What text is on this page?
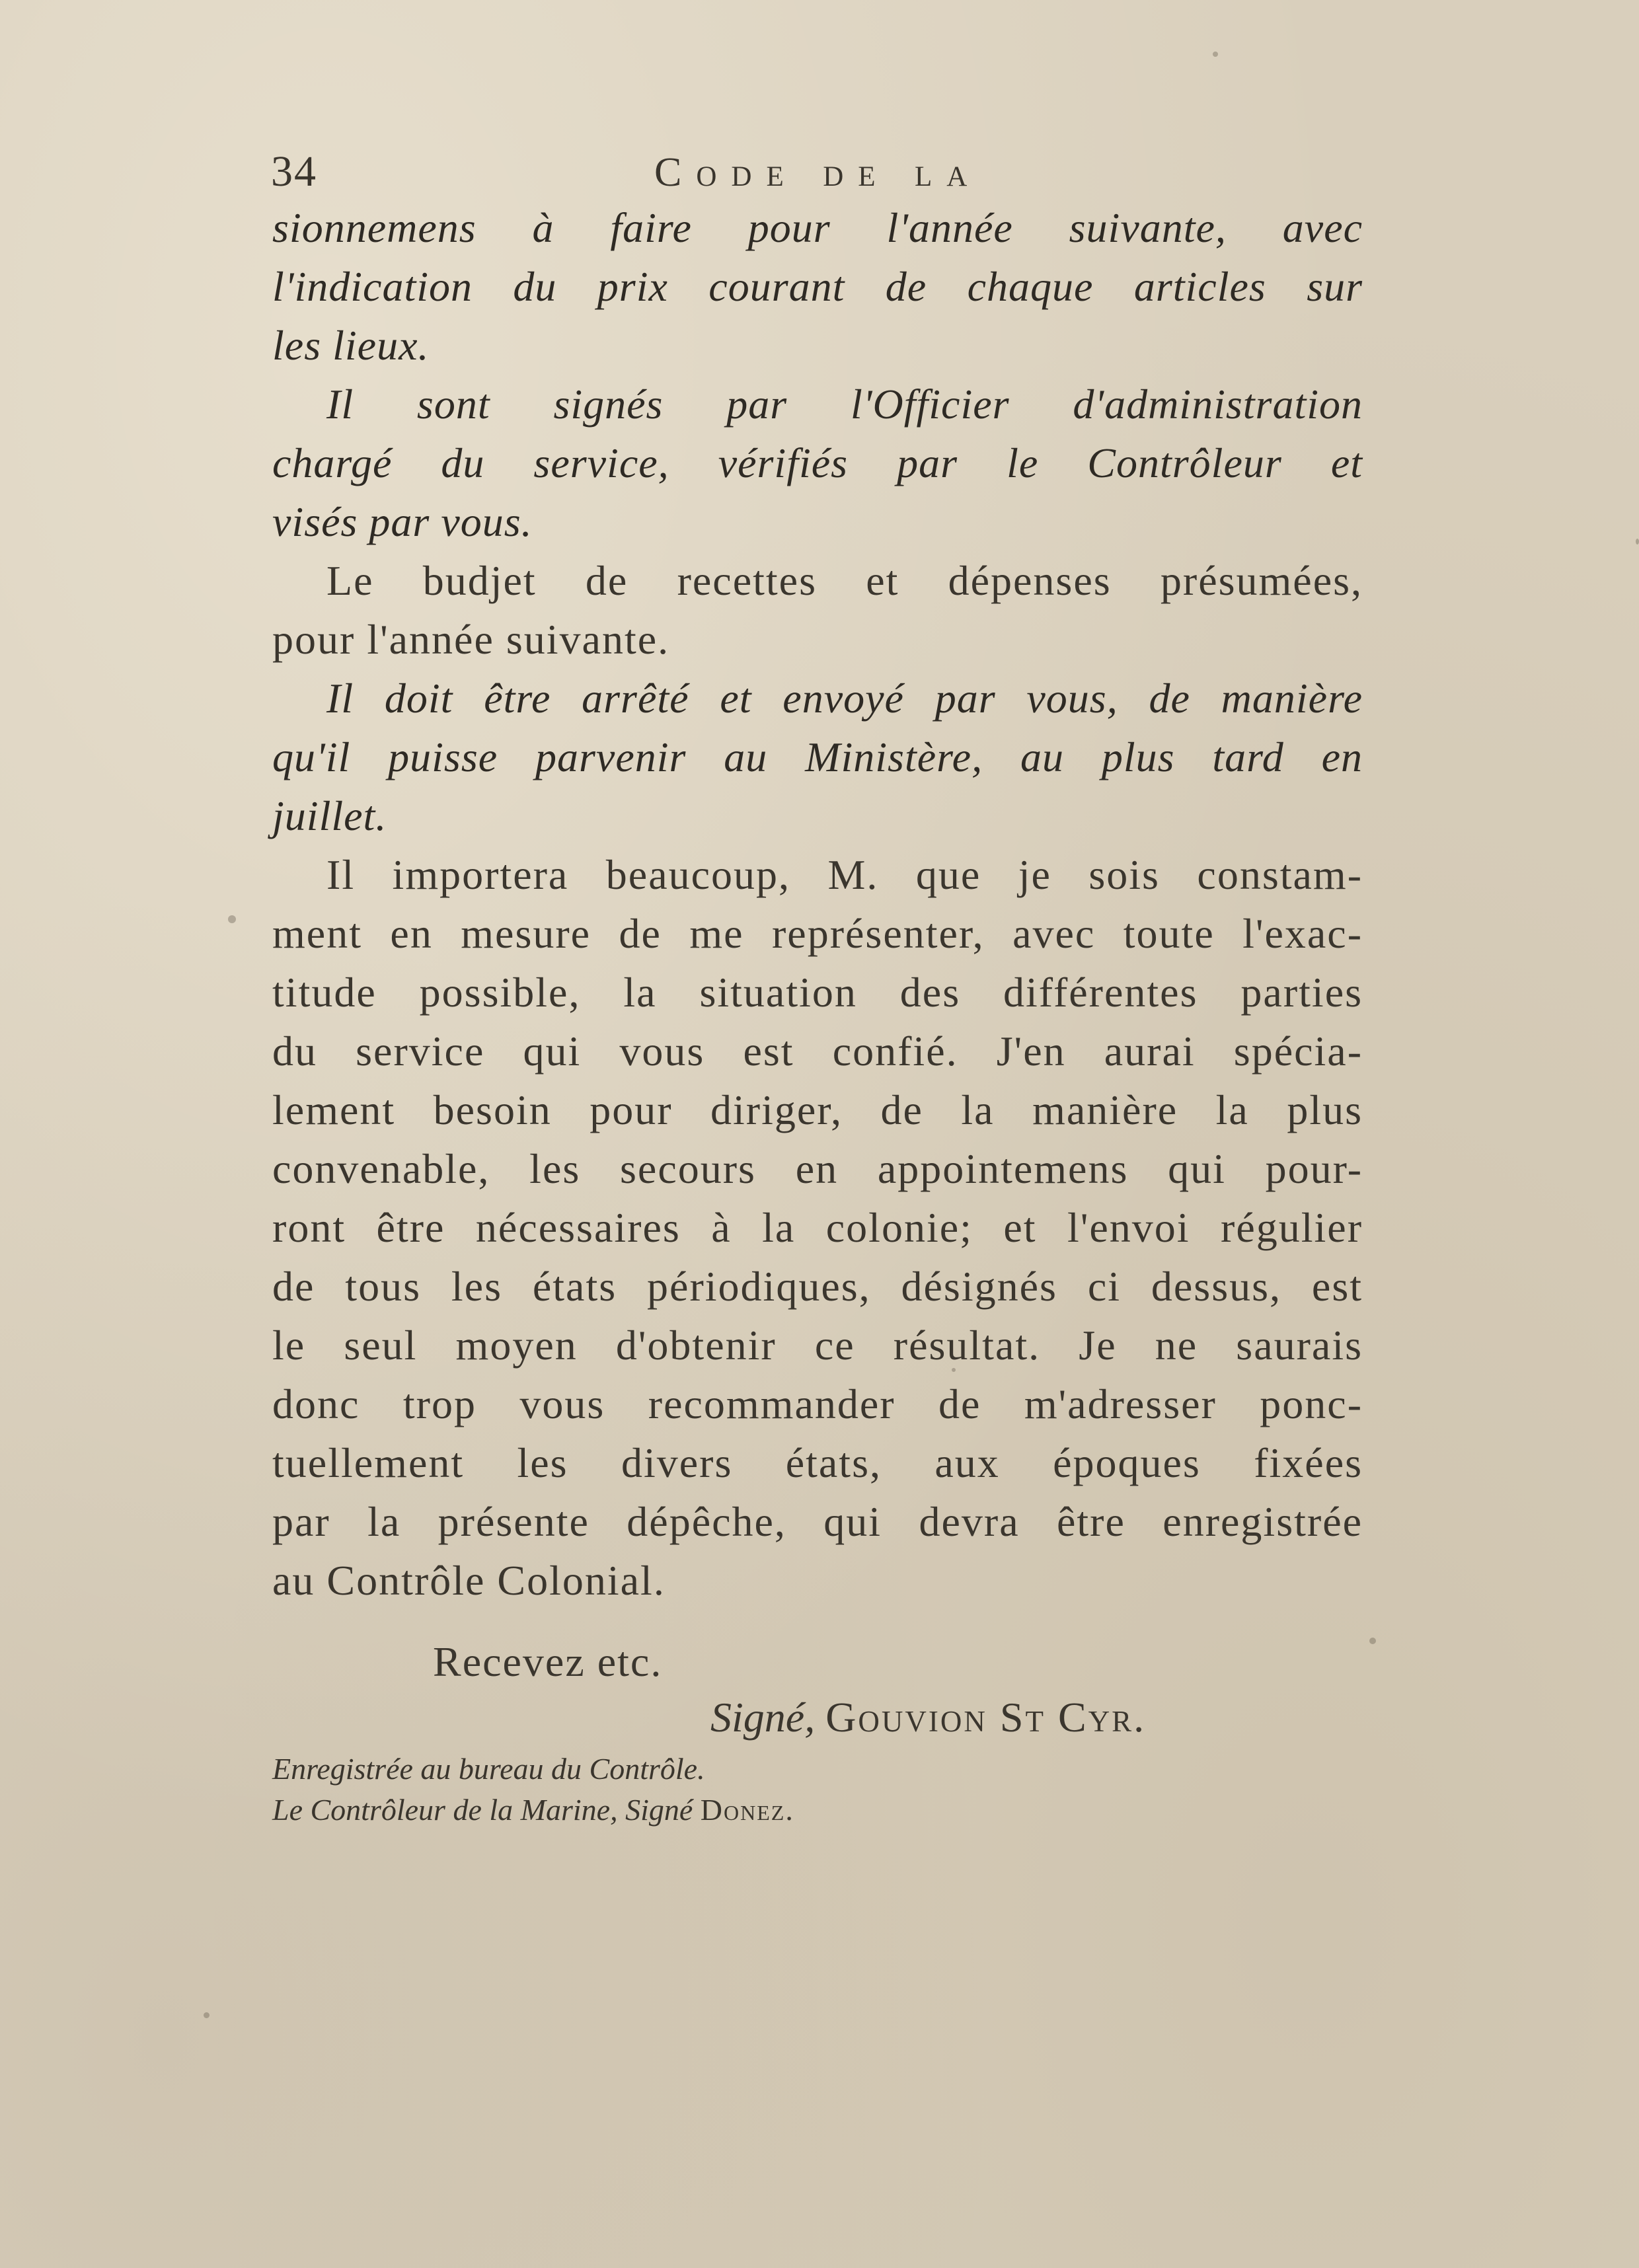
34	Code de la
sionnemens à faire pour l'année suivante, avec
l'indication du prix courant de chaque articles sur
les lieux.
Il sont signés par l'Officier d'administration
chargé du service, vérifiés par le Contrôleur et
visés par vous.
Le budjet de recettes et dépenses présumées,
pour l'année suivante.
Il doit être arrêté et envoyé par vous, de manière
qu'il puisse parvenir au Ministère, au plus tard en
juillet.
Il importera beaucoup, M. que je sois constam-
ment en mesure de me représenter, avec toute l'exac-
titude possible, la situation des différentes parties
du service qui vous est confié. J'en aurai spécia-
lement besoin pour diriger, de la manière la plus
convenable, les secours en appointemens qui pour-
ront être nécessaires à la colonie; et l'envoi régulier
de tous les états périodiques, désignés ci dessus, est
le seul moyen d'obtenir ce résultat. Je ne saurais
donc trop vous recommander de m'adresser ponc-
tuellement les divers états, aux époques fixées
par la présente dépêche, qui devra être enregistrée
au Contrôle Colonial.
Recevez etc.
Signé, Gouvion St Cyr.
Enregistrée au bureau du Contrôle.
Le Contrôleur de la Marine, Signé Donez.
